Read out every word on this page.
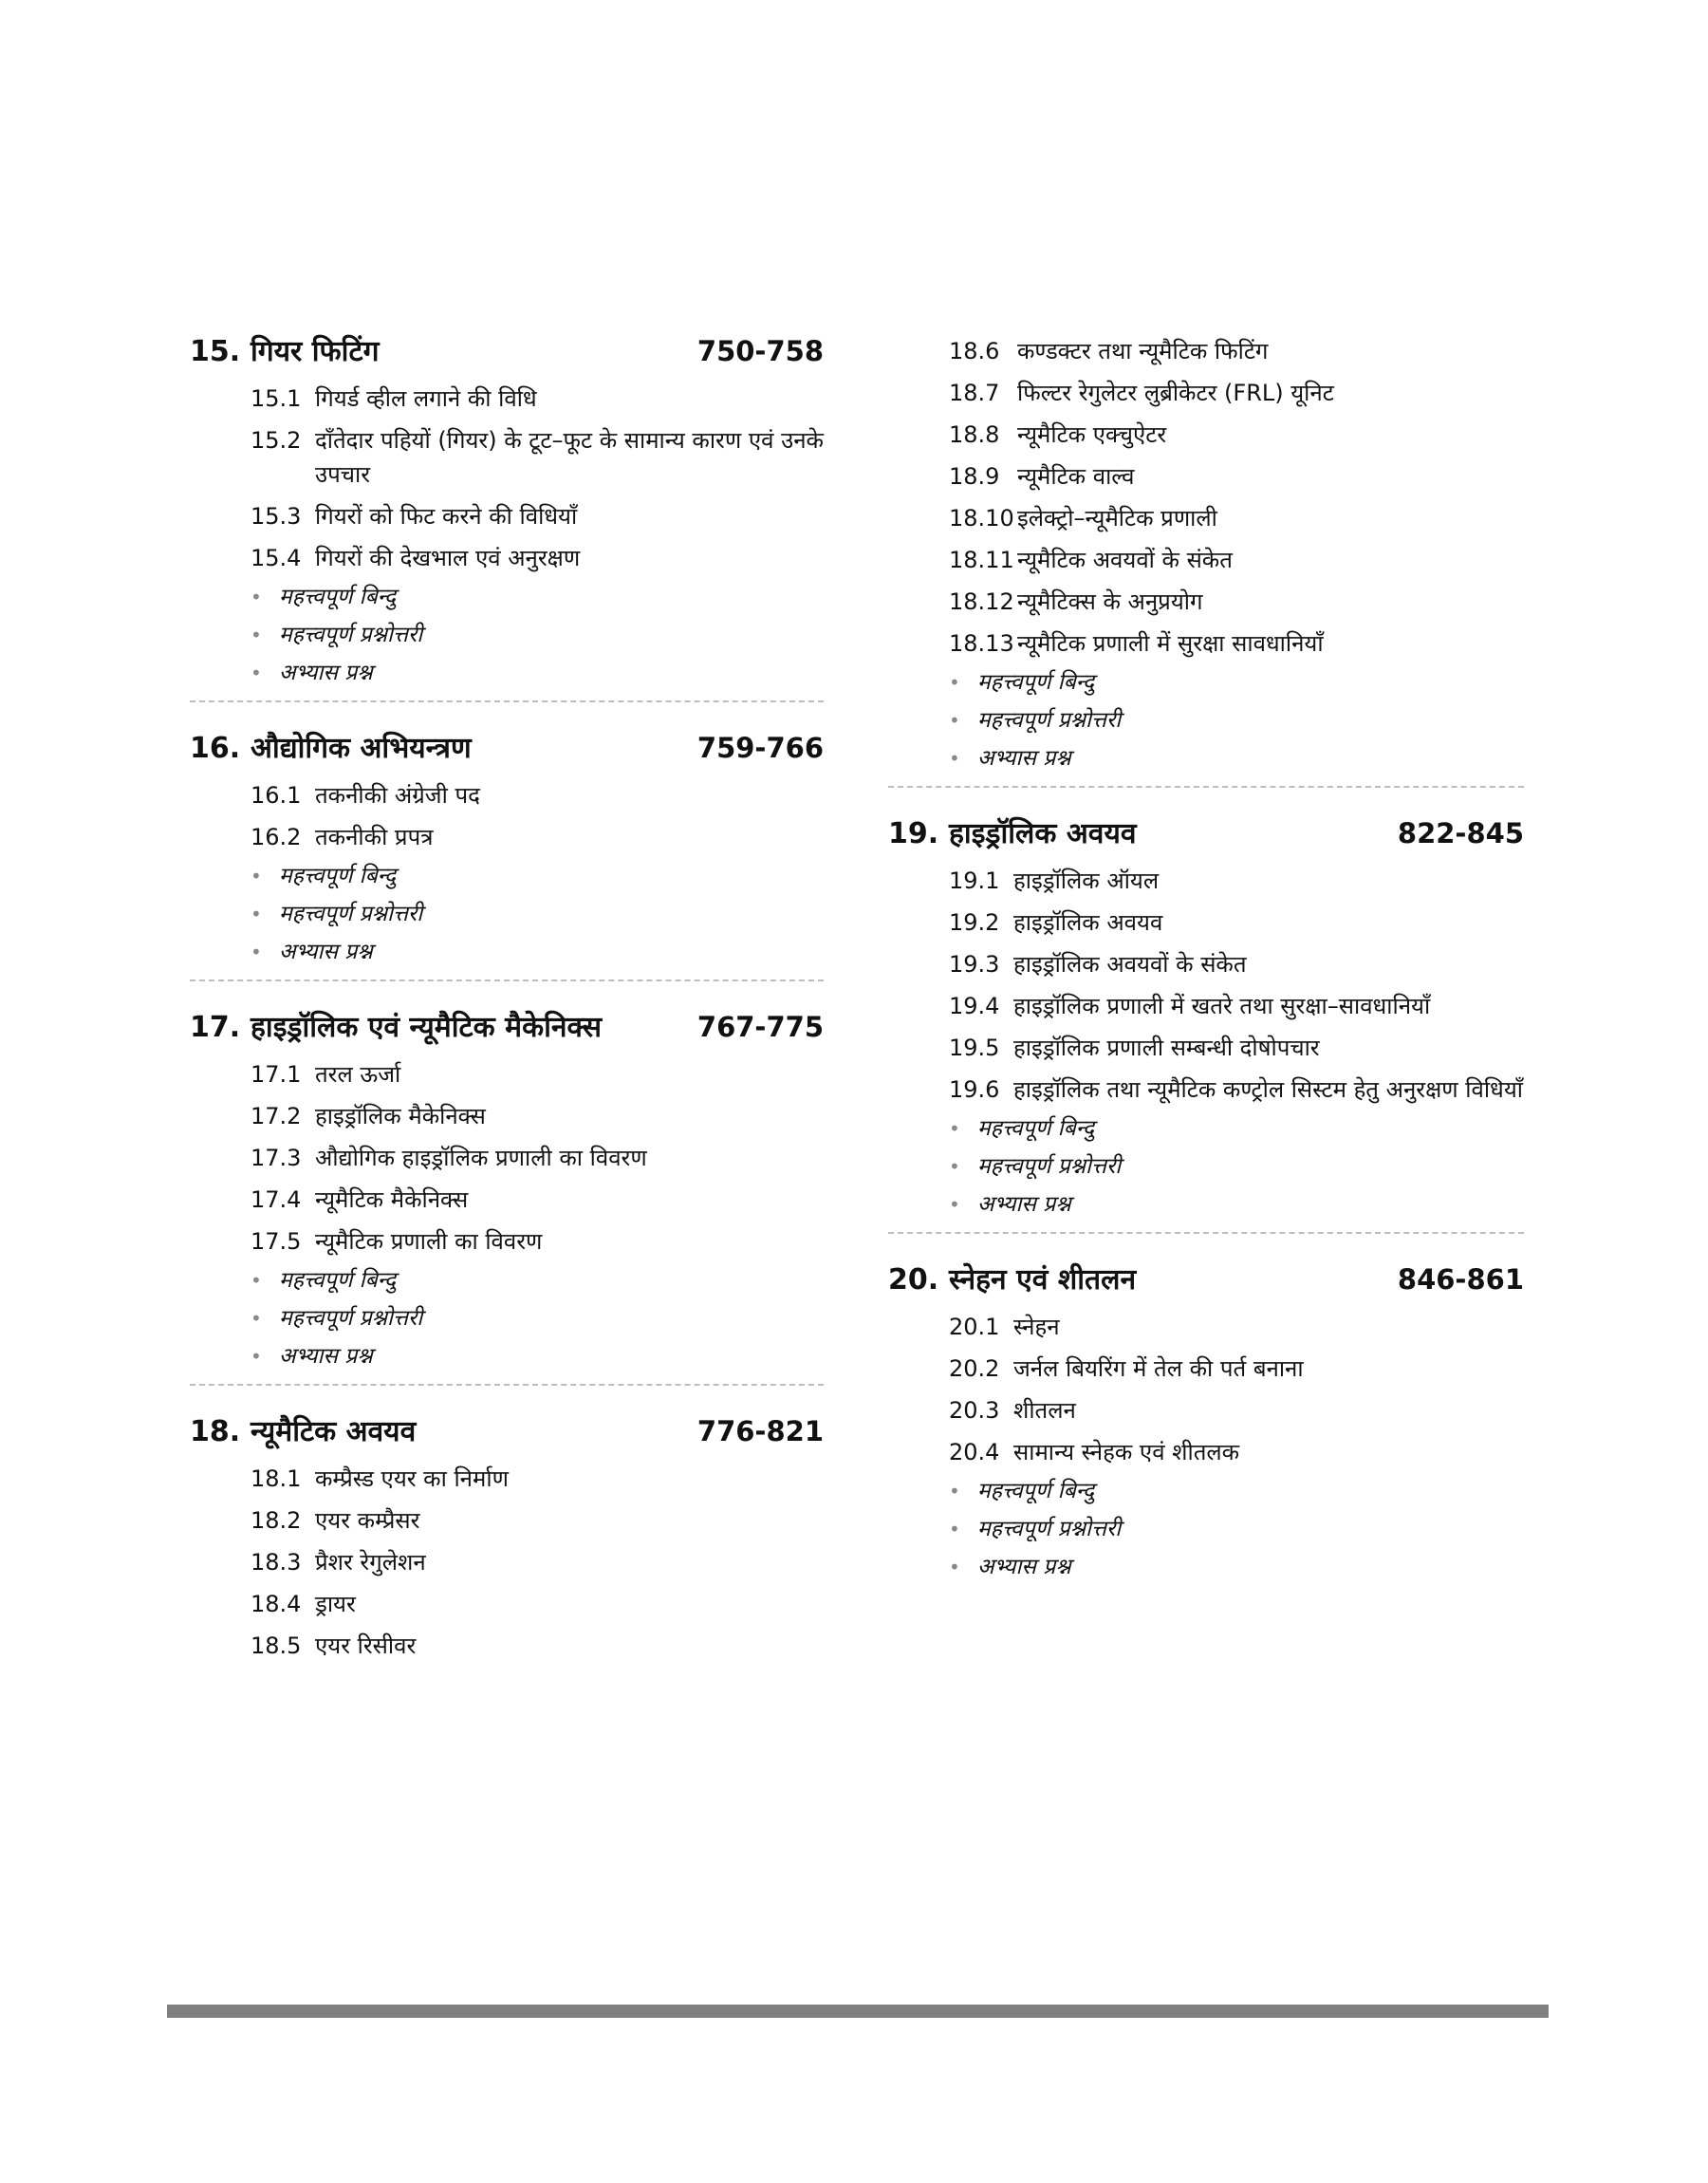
15. गियर फिटिंग	750-758
15.1 गियर्ड व्हील लगाने की विधि
15.2 दाँतेदार पहियों (गियर) के टूट–फूट के सामान्य कारण एवं उनके उपचार
15.3 गियरों को फिट करने की विधियाँ
15.4 गियरों की देखभाल एवं अनुरक्षण
• महत्त्वपूर्ण बिन्दु
• महत्त्वपूर्ण प्रश्नोत्तरी
• अभ्यास प्रश्न
16. औद्योगिक अभियन्त्रण	759-766
16.1 तकनीकी अंग्रेजी पद
16.2 तकनीकी प्रपत्र
• महत्त्वपूर्ण बिन्दु
• महत्त्वपूर्ण प्रश्नोत्तरी
• अभ्यास प्रश्न
17. हाइड्रॉलिक एवं न्यूमैटिक मैकेनिक्स	767-775
17.1 तरल ऊर्जा
17.2 हाइड्रॉलिक मैकेनिक्स
17.3 औद्योगिक हाइड्रॉलिक प्रणाली का विवरण
17.4 न्यूमैटिक मैकेनिक्स
17.5 न्यूमैटिक प्रणाली का विवरण
• महत्त्वपूर्ण बिन्दु
• महत्त्वपूर्ण प्रश्नोत्तरी
• अभ्यास प्रश्न
18. न्यूमैटिक अवयव	776-821
18.1 कम्प्रैस्ड एयर का निर्माण
18.2 एयर कम्प्रैसर
18.3 प्रैशर रेगुलेशन
18.4 ड्रायर
18.5 एयर रिसीवर
18.6 कण्डक्टर तथा न्यूमैटिक फिटिंग
18.7 फिल्टर रेगुलेटर लुब्रीकेटर (FRL) यूनिट
18.8 न्यूमैटिक एक्चुऐटर
18.9 न्यूमैटिक वाल्व
18.10 इलेक्ट्रो–न्यूमैटिक प्रणाली
18.11 न्यूमैटिक अवयवों के संकेत
18.12 न्यूमैटिक्स के अनुप्रयोग
18.13 न्यूमैटिक प्रणाली में सुरक्षा सावधानियाँ
• महत्त्वपूर्ण बिन्दु
• महत्त्वपूर्ण प्रश्नोत्तरी
• अभ्यास प्रश्न
19. हाइड्रॉलिक अवयव	822-845
19.1 हाइड्रॉलिक ऑयल
19.2 हाइड्रॉलिक अवयव
19.3 हाइड्रॉलिक अवयवों के संकेत
19.4 हाइड्रॉलिक प्रणाली में खतरे तथा सुरक्षा–सावधानियाँ
19.5 हाइड्रॉलिक प्रणाली सम्बन्धी दोषोपचार
19.6 हाइड्रॉलिक तथा न्यूमैटिक कण्ट्रोल सिस्टम हेतु अनुरक्षण विधियाँ
• महत्त्वपूर्ण बिन्दु
• महत्त्वपूर्ण प्रश्नोत्तरी
• अभ्यास प्रश्न
20. स्नेहन एवं शीतलन	846-861
20.1 स्नेहन
20.2 जर्नल बियरिंग में तेल की पर्त बनाना
20.3 शीतलन
20.4 सामान्य स्नेहक एवं शीतलक
• महत्त्वपूर्ण बिन्दु
• महत्त्वपूर्ण प्रश्नोत्तरी
• अभ्यास प्रश्न
